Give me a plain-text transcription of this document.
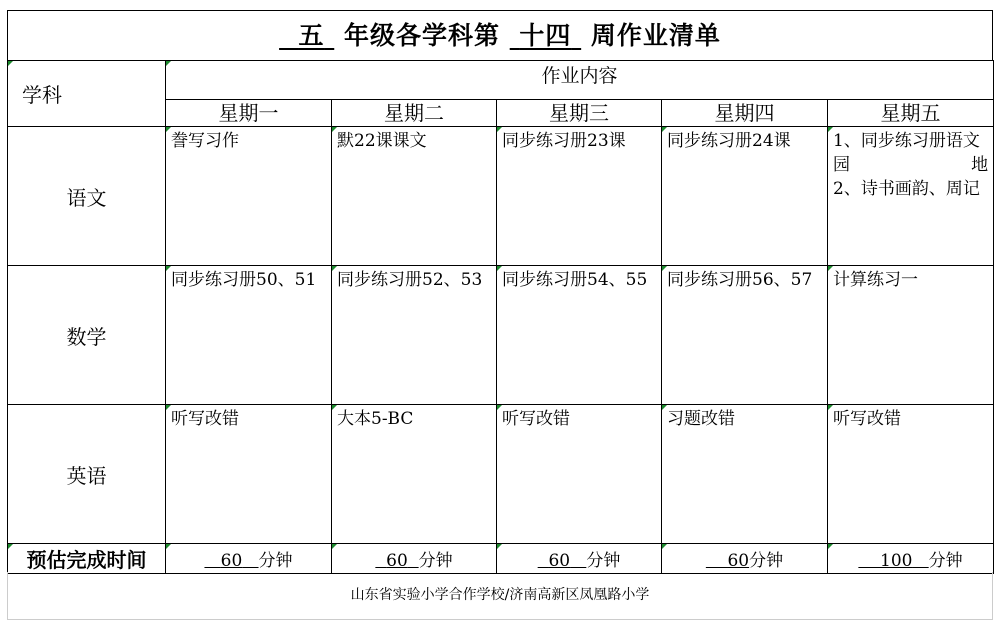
五 年级各学科第 十四 周作业清单
学科	作业内容				
	星期一	星期二	星期三	星期四	星期五
语文	誊写习作	默22课课文	同步练习册23课	同步练习册24课	1、同步练习册语文
园 地
2、诗书画韵、周记

数学	同步练习册50、51	同步练习册52、53	同步练习册54、55	同步练习册56、57	计算练习一

英语	听写改错	大本5-BC	听写改错	习题改错	听写改错

预估完成时间	60 分钟	60 分钟	60 分钟	60分钟	100 分钟
山东省实验小学合作学校/济南高新区凤凰路小学
